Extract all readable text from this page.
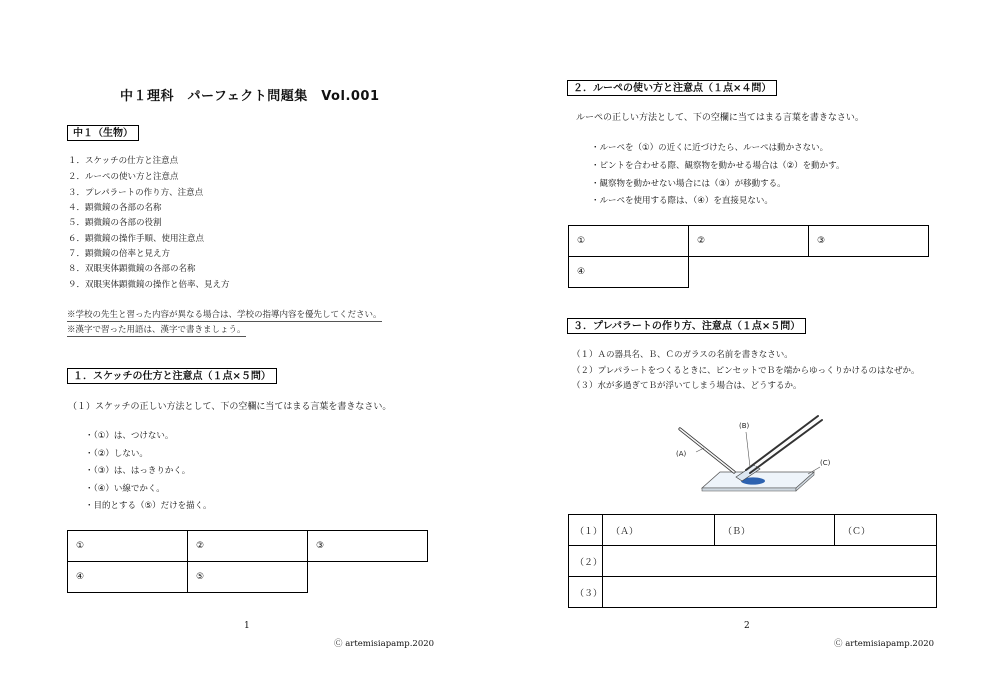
中１理科　パーフェクト問題集　Vol.001
中１（生物）
１．スケッチの仕方と注意点
２．ルーペの使い方と注意点
３．プレパラートの作り方、注意点
４．顕微鏡の各部の名称
５．顕微鏡の各部の役割
６．顕微鏡の操作手順、使用注意点
７．顕微鏡の倍率と見え方
８．双眼実体顕微鏡の各部の名称
９．双眼実体顕微鏡の操作と倍率、見え方
※学校の先生と習った内容が異なる場合は、学校の指導内容を優先してください。
※漢字で習った用語は、漢字で書きましょう。
１．スケッチの仕方と注意点（１点×５問）
（１）スケッチの正しい方法として、下の空欄に当てはまる言葉を書きなさい。
・（①）は、つけない。
・（②）しない。
・（③）は、はっきりかく。
・（④）い線でかく。
・目的とする（⑤）だけを描く。
①	②	③
④	⑤	
1
Ⓒ artemisiapamp.2020
２．ルーペの使い方と注意点（１点×４問）
ルーペの正しい方法として、下の空欄に当てはまる言葉を書きなさい。
・ルーペを（①）の近くに近づけたら、ルーペは動かさない。
・ピントを合わせる際、観察物を動かせる場合は（②）を動かす。
・観察物を動かせない場合には（③）が移動する。
・ルーペを使用する際は、（④）を直接見ない。
①	②	③
④		
３．プレパラートの作り方、注意点（１点×５問）
（１）Ａの器具名、Ｂ、Ｃのガラスの名前を書きなさい。
（２）プレパラートをつくるときに、ピンセットでＢを端からゆっくりかけるのはなぜか。
（３）水が多過ぎてＢが浮いてしまう場合は、どうするか。
(B)
(A)
(C)
（１）	（Ａ）	（Ｂ）	（Ｃ）
（２）			
（３）			
2
Ⓒ artemisiapamp.2020
